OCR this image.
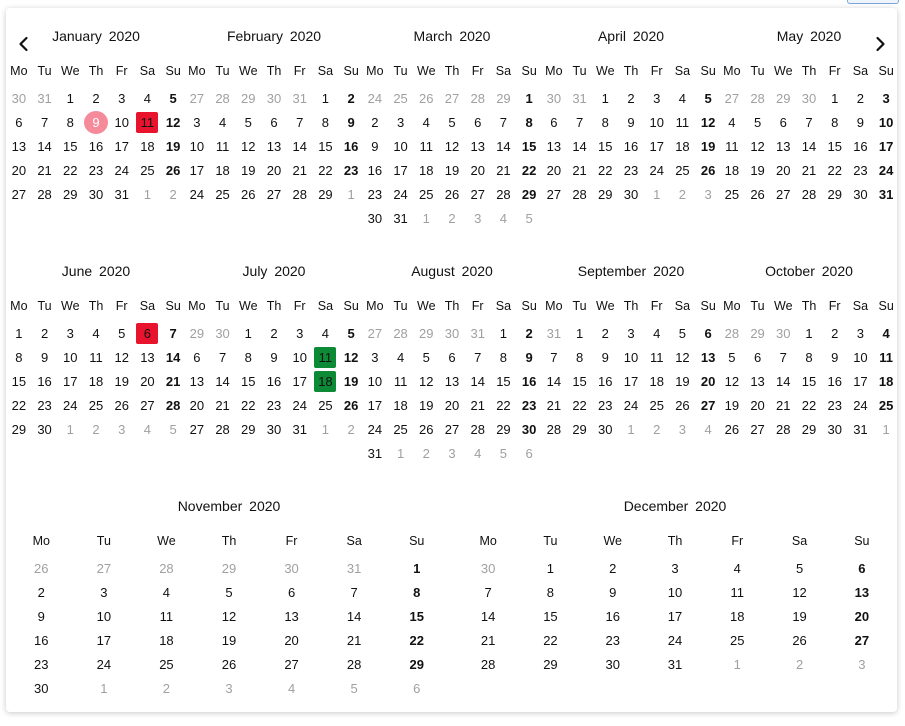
January 2020
Mo Tu We Th	Fr Sa Su
30 31	1	2	3	4	5
6	7	8	9	10 11 12
13 14 15 16 17 18 19
20 21 22 23 24 25 26
27 28 29 30 31	1	2
February 2020
Mo Tu We Th	Fr Sa Su
27 28 29 30 31	1	2
3	4	5	6	7	8	9
10 11 12 13 14 15 16
17 18 19 20 21 22 23
24 25 26 27 28 29	1
March 2020
Mo Tu We Th	Fr Sa Su
24 25 26 27 28 29	1
2	3	4	5	6	7	8
9	10 11 12 13 14 15
16 17 18 19 20 21 22
23 24 25 26 27 28 29
30 31	1	2	3	4	5
April 2020
Mo Tu We Th	Fr Sa Su
30 31	1	2	3	4	5
6	7	8	9	10 11 12
13 14 15 16 17 18 19
20 21 22 23 24 25 26
27 28 29 30	1	2	3
May 2020
Mo Tu We Th	Fr Sa Su
27 28 29 30	1	2	3
4	5	6	7	8	9	10
11 12 13 14 15 16 17
18 19 20 21 22 23 24
25 26 27 28 29 30 31
June 2020
Mo Tu We Th	Fr Sa Su
1	2	3	4	5	6	7
8	9	10 11 12 13 14
15 16 17 18 19 20 21
22 23 24 25 26 27 28
29 30	1	2	3	4	5
July 2020
Mo Tu We Th	Fr Sa Su
29 30	1	2	3	4	5
6	7	8	9	10 11 12
13 14 15 16 17 18 19
20 21 22 23 24 25 26
27 28 29 30 31	1	2
August 2020
Mo Tu We Th	Fr Sa Su
27 28 29 30 31	1	2
3	4	5	6	7	8	9
10 11 12 13 14 15 16
17 18 19 20 21 22 23
24 25 26 27 28 29 30
31	1	2	3	4	5	6
September 2020
Mo Tu We Th	Fr Sa Su
31	1	2	3	4	5	6
7	8	9	10 11 12 13
14 15 16 17 18 19 20
21 22 23 24 25 26 27
28 29 30	1	2	3	4
October 2020
Mo Tu We Th	Fr Sa Su
28 29 30	1	2	3	4
5	6	7	8	9	10 11
12 13 14 15 16 17 18
19 20 21 22 23 24 25
26 27 28 29 30 31	1
November 2020
Mo	Tu	We	Th	Fr	Sa	Su
26	27	28	29	30	31	1
2	3	4	5	6	7	8
9	10	11	12	13	14	15
16	17	18	19	20	21	22
23	24	25	26	27	28	29
30	1	2	3	4	5	6
December 2020
Mo	Tu	We	Th	Fr	Sa	Su
30	1	2	3	4	5	6
7	8	9	10	11	12	13
14	15	16	17	18	19	20
21	22	23	24	25	26	27
28	29	30	31	1	2	3
